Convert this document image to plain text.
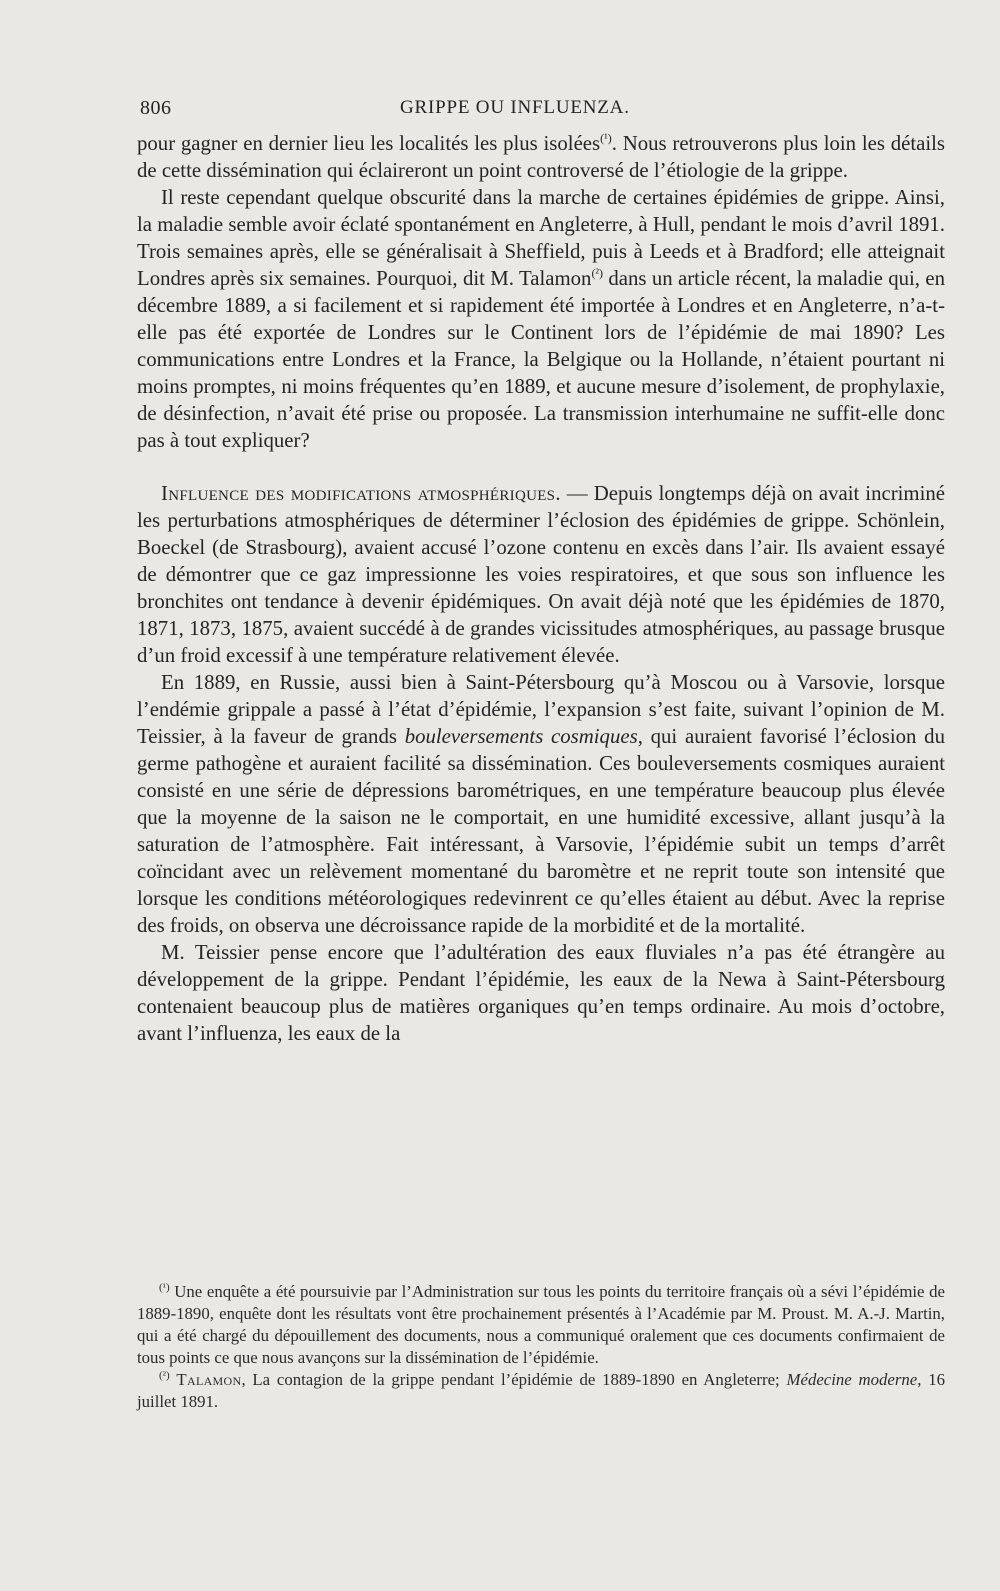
806	GRIPPE OU INFLUENZA.

pour gagner en dernier lieu les localités les plus isolées$^{(^1)}$. Nous retrouverons plus loin les détails de cette dissémination qui éclaireront un point controversé de l’étiologie de la grippe.

Il reste cependant quelque obscurité dans la marche de certaines épidémies de grippe. Ainsi, la maladie semble avoir éclaté spontanément en Angleterre, à Hull, pendant le mois d’avril 1891. Trois semaines après, elle se généralisait à Sheffield, puis à Leeds et à Bradford; elle atteignait Londres après six semaines. Pourquoi, dit M. Talamon$^{(^2)}$ dans un article récent, la maladie qui, en décembre 1889, a si facilement et si rapidement été importée à Londres et en Angleterre, n’a-t-elle pas été exportée de Londres sur le Continent lors de l’épidémie de mai 1890? Les communications entre Londres et la France, la Belgique ou la Hollande, n’étaient pourtant ni moins promptes, ni moins fréquentes qu’en 1889, et aucune mesure d’isolement, de prophylaxie, de désinfection, n’avait été prise ou proposée. La transmission interhumaine ne suffit-elle donc pas à tout expliquer?

Influence des modifications atmosphériques. — Depuis longtemps déjà on avait incriminé les perturbations atmosphériques de déterminer l’éclosion des épidémies de grippe. Schönlein, Boeckel (de Strasbourg), avaient accusé l’ozone contenu en excès dans l’air. Ils avaient essayé de démontrer que ce gaz impressionne les voies respiratoires, et que sous son influence les bronchites ont tendance à devenir épidémiques. On avait déjà noté que les épidémies de 1870, 1871, 1873, 1875, avaient succédé à de grandes vicissitudes atmosphériques, au passage brusque d’un froid excessif à une température relativement élevée.

En 1889, en Russie, aussi bien à Saint-Pétersbourg qu’à Moscou ou à Varsovie, lorsque l’endémie grippale a passé à l’état d’épidémie, l’expansion s’est faite, suivant l’opinion de M. Teissier, à la faveur de grands bouleversements cosmiques, qui auraient favorisé l’éclosion du germe pathogène et auraient facilité sa dissémination. Ces bouleversements cosmiques auraient consisté en une série de dépressions barométriques, en une température beaucoup plus élevée que la moyenne de la saison ne le comportait, en une humidité excessive, allant jusqu’à la saturation de l’atmosphère. Fait intéressant, à Varsovie, l’épidémie subit un temps d’arrêt coïncidant avec un relèvement momentané du baromètre et ne reprit toute son intensité que lorsque les conditions météorologiques redevinrent ce qu’elles étaient au début. Avec la reprise des froids, on observa une décroissance rapide de la morbidité et de la mortalité.

M. Teissier pense encore que l’adultération des eaux fluviales n’a pas été étrangère au développement de la grippe. Pendant l’épidémie, les eaux de la Newa à Saint-Pétersbourg contenaient beaucoup plus de matières organiques qu’en temps ordinaire. Au mois d’octobre, avant l’influenza, les eaux de la

$^{(^1)}$ Une enquête a été poursuivie par l’Administration sur tous les points du territoire français où a sévi l’épidémie de 1889-1890, enquête dont les résultats vont être prochainement présentés à l’Académie par M. Proust. M. A.-J. Martin, qui a été chargé du dépouillement des documents, nous a communiqué oralement que ces documents confirmaient de tous points ce que nous avançons sur la dissémination de l’épidémie.

$^{(^2)}$ Talamon, La contagion de la grippe pendant l’épidémie de 1889-1890 en Angleterre; Médecine moderne, 16 juillet 1891.
